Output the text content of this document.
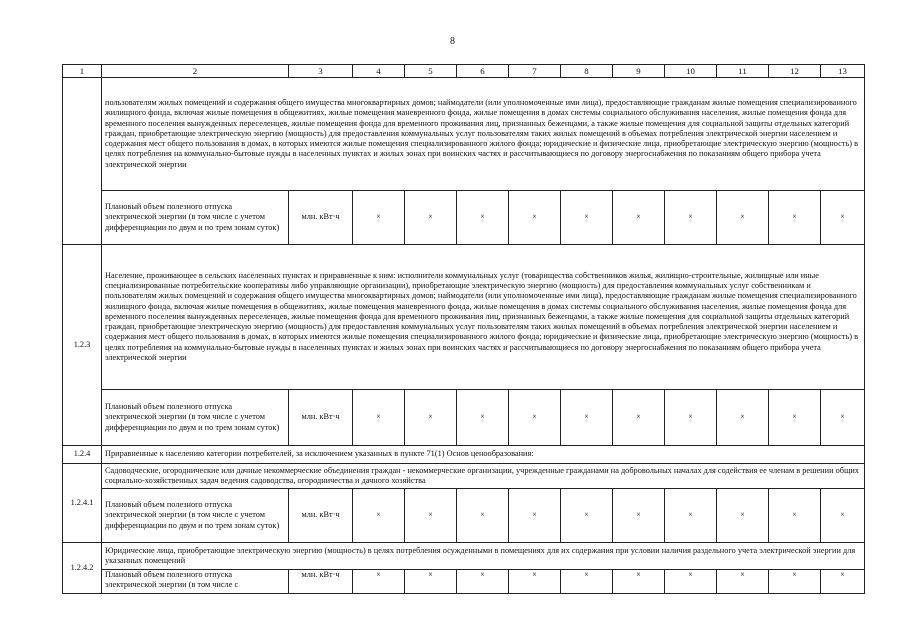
8
1	2	3	4	5	6	7	8	9	10	11	12	13
	пользователям жилых помещений и содержания общего имущества многоквартирных домов; наймодатели (или уполномоченные ими лица), предоставляющие гражданам жилые помещения специализированного жилищного фонда, включая жилые помещения в общежитиях, жилые помещения маневренного фонда, жилые помещения в домах системы социального обслуживания населения, жилые помещения фонда для временного поселения вынужденных переселенцев, жилые помещения фонда для временного проживания лиц, признанных беженцами, а также жилые помещения для социальной защиты отдельных категорий граждан, приобретающие электрическую энергию (мощность) для предоставления коммунальных услуг пользователям таких жилых помещений в объемах потребления электрической энергии населением и содержания мест общего пользования в домах, в которых имеются жилые помещения специализированного жилого фонда; юридические и физические лица, приобретающие электрическую энергию (мощность) в целях потребления на коммунально-бытовые нужды в населенных пунктах и жилых зонах при воинских частях и рассчитывающиеся по договору энергоснабжения по показаниям общего прибора учета электрической энергии											
	Плановый объем полезного отпуска электрической энергии (в том числе с учетом дифференциации по двум и по трем зонам суток)	млн. кВт·ч	×	×	×	×	×	×	×	×	×	×
1.2.3	Население, проживающее в сельских населенных пунктах и приравненные к ним: исполнители коммунальных услуг (товарищества собственников жилья, жилищно-строительные, жилищные или иные специализированные потребительские кооперативы либо управляющие организации), приобретающие электрическую энергию (мощность) для предоставления коммунальных услуг собственникам и пользователям жилых помещений и содержания общего имущества многоквартирных домов; наймодатели (или уполномоченные ими лица), предоставляющие гражданам жилые помещения специализированного жилищного фонда, включая жилые помещения в общежитиях, жилые помещения маневренного фонда, жилые помещения в домах системы социального обслуживания населения, жилые помещения фонда для временного поселения вынужденных переселенцев, жилые помещения фонда для временного проживания лиц, признанных беженцами, а также жилые помещения для социальной защиты отдельных категорий граждан, приобретающие электрическую энергию (мощность) для предоставления коммунальных услуг пользователям таких жилых помещений в объемах потребления электрической энергии населением и содержания мест общего пользования в домах, в которых имеются жилые помещения специализированного жилого фонда; юридические и физические лица, приобретающие электрическую энергию (мощность) в целях потребления на коммунально-бытовые нужды в населенных пунктах и жилых зонах при воинских частях и рассчитывающиеся по договору энергоснабжения по показаниям общего прибора учета электрической энергии											
	Плановый объем полезного отпуска электрической энергии (в том числе с учетом дифференциации по двум и по трем зонам суток)	млн. кВт·ч	×	×	×	×	×	×	×	×	×	×
1.2.4	Приравненные к населению категории потребителей, за исключением указанных в пункте 71(1) Основ ценообразования:											
1.2.4.1	Садоводческие, огороднические или дачные некоммерческие объединения граждан - некоммерческие организации, учрежденные гражданами на добровольных началах для содействия ее членам в решении общих социально-хозяйственных задач ведения садоводства, огородничества и дачного хозяйства											
	Плановый объем полезного отпуска электрической энергии (в том числе с учетом дифференциации по двум и по трем зонам суток)	млн. кВт·ч	×	×	×	×	×	×	×	×	×	×
1.2.4.2	Юридические лица, приобретающие электрическую энергию (мощность) в целях потребления осужденными в помещениях для их содержания при условии наличия раздельного учета электрической энергии для указанных помещений											
	Плановый объем полезного отпуска электрической энергии (в том числе с	млн. кВт·ч	×	×	×	×	×	×	×	×	×	×
